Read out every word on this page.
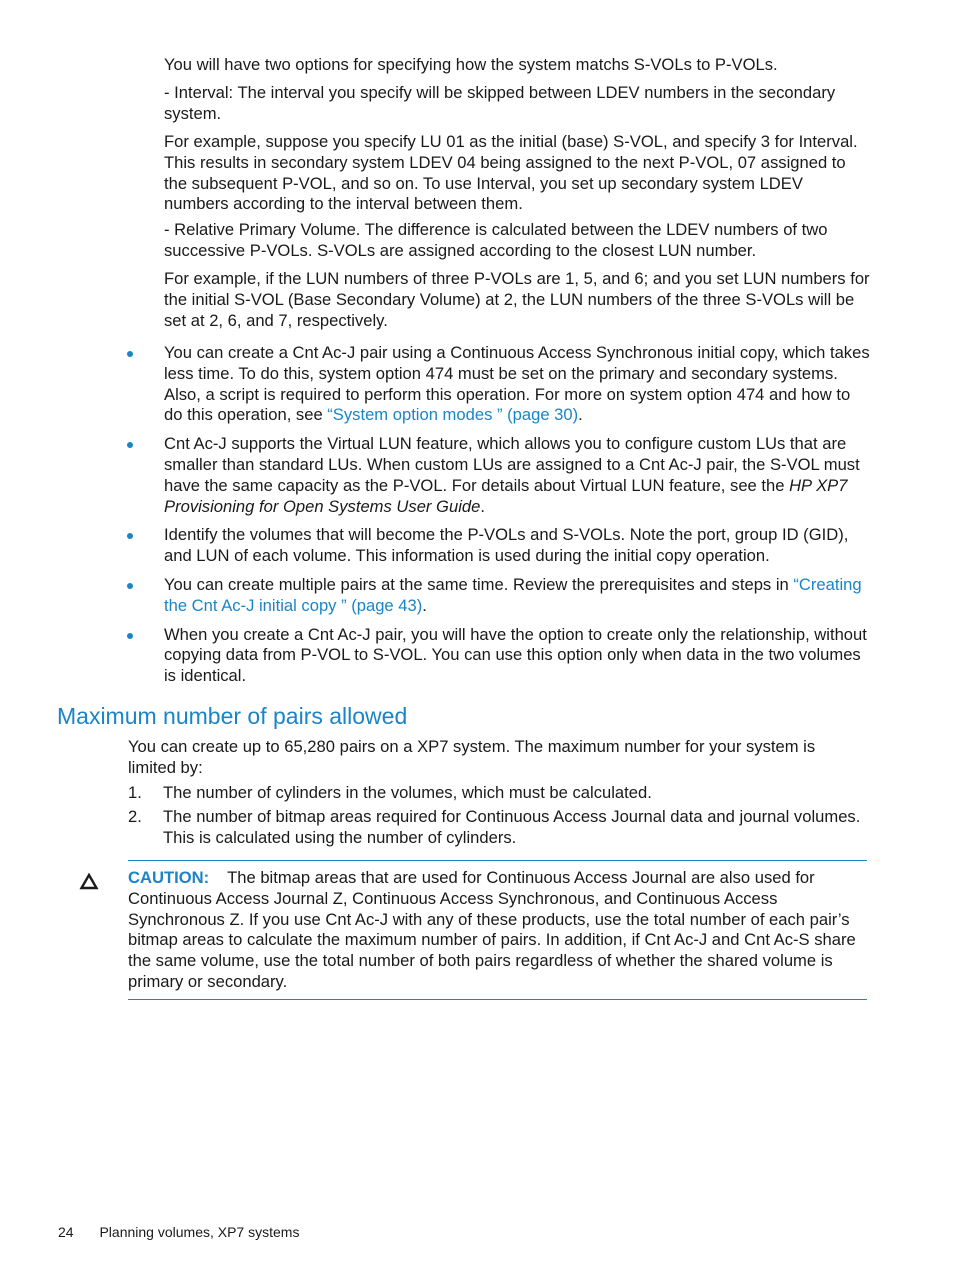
You will have two options for specifying how the system matchs S-VOLs to P-VOLs.

- Interval: The interval you specify will be skipped between LDEV numbers in the secondary system.

For example, suppose you specify LU 01 as the initial (base) S-VOL, and specify 3 for Interval. This results in secondary system LDEV 04 being assigned to the next P-VOL, 07 assigned to the subsequent P-VOL, and so on. To use Interval, you set up secondary system LDEV numbers according to the interval between them.

- Relative Primary Volume. The difference is calculated between the LDEV numbers of two successive P-VOLs. S-VOLs are assigned according to the closest LUN number.

For example, if the LUN numbers of three P-VOLs are 1, 5, and 6; and you set LUN numbers for the initial S-VOL (Base Secondary Volume) at 2, the LUN numbers of the three S-VOLs will be set at 2, 6, and 7, respectively.

You can create a Cnt Ac-J pair using a Continuous Access Synchronous initial copy, which takes less time. To do this, system option 474 must be set on the primary and secondary systems. Also, a script is required to perform this operation. For more on system option 474 and how to do this operation, see “System option modes ” (page 30).
Cnt Ac-J supports the Virtual LUN feature, which allows you to configure custom LUs that are smaller than standard LUs. When custom LUs are assigned to a Cnt Ac-J pair, the S-VOL must have the same capacity as the P-VOL. For details about Virtual LUN feature, see the HP XP7 Provisioning for Open Systems User Guide.
Identify the volumes that will become the P-VOLs and S-VOLs. Note the port, group ID (GID), and LUN of each volume. This information is used during the initial copy operation.
You can create multiple pairs at the same time. Review the prerequisites and steps in “Creating the Cnt Ac-J initial copy ” (page 43).
When you create a Cnt Ac-J pair, you will have the option to create only the relationship, without copying data from P-VOL to S-VOL. You can use this option only when data in the two volumes is identical.
Maximum number of pairs allowed

You can create up to 65,280 pairs on a XP7 system. The maximum number for your system is limited by:

1. The number of cylinders in the volumes, which must be calculated.
2. The number of bitmap areas required for Continuous Access Journal data and journal volumes. This is calculated using the number of cylinders.

CAUTION: The bitmap areas that are used for Continuous Access Journal are also used for Continuous Access Journal Z, Continuous Access Synchronous, and Continuous Access Synchronous Z. If you use Cnt Ac-J with any of these products, use the total number of each pair’s bitmap areas to calculate the maximum number of pairs. In addition, if Cnt Ac-J and Cnt Ac-S share the same volume, use the total number of both pairs regardless of whether the shared volume is primary or secondary.

24 Planning volumes, XP7 systems
